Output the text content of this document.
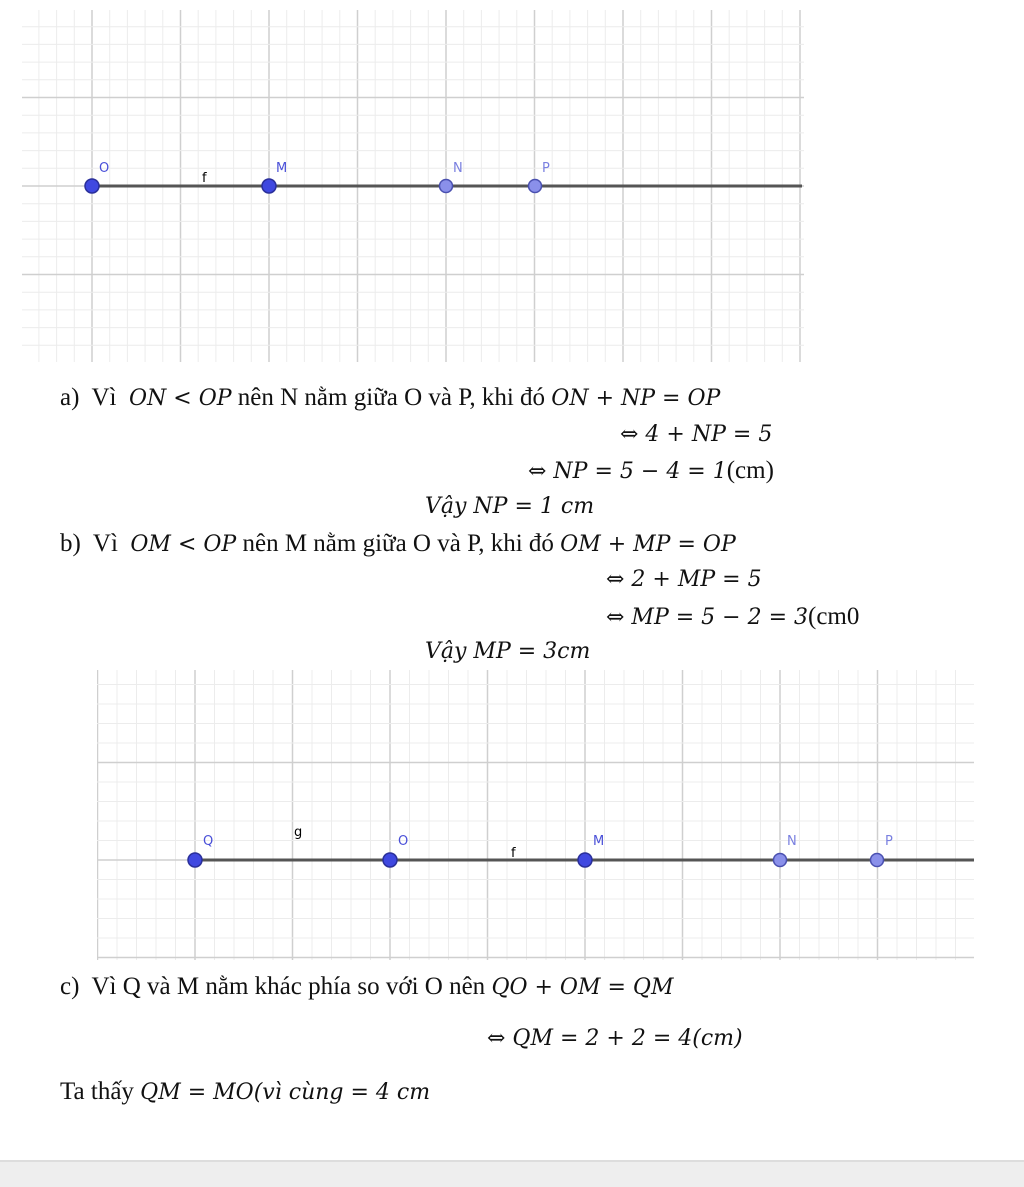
f
O	M	N	P
a) Vì ON < OP nên N nằm giữa O và P, khi đó ON + NP = OP
⇔ 4 + NP = 5
⇔ NP = 5 − 4 = 1(cm)
Vậy NP = 1 cm
b) Vì OM < OP nên M nằm giữa O và P, khi đó OM + MP = OP
⇔ 2 + MP = 5
⇔ MP = 5 − 2 = 3(cm0
Vậy MP = 3cm
g
f
Q	O	M	N	P
c) Vì Q và M nằm khác phía so với O nên QO + OM = QM
⇔ QM = 2 + 2 = 4(cm)
Ta thấy QM = MO(vì cùng = 4 cm
